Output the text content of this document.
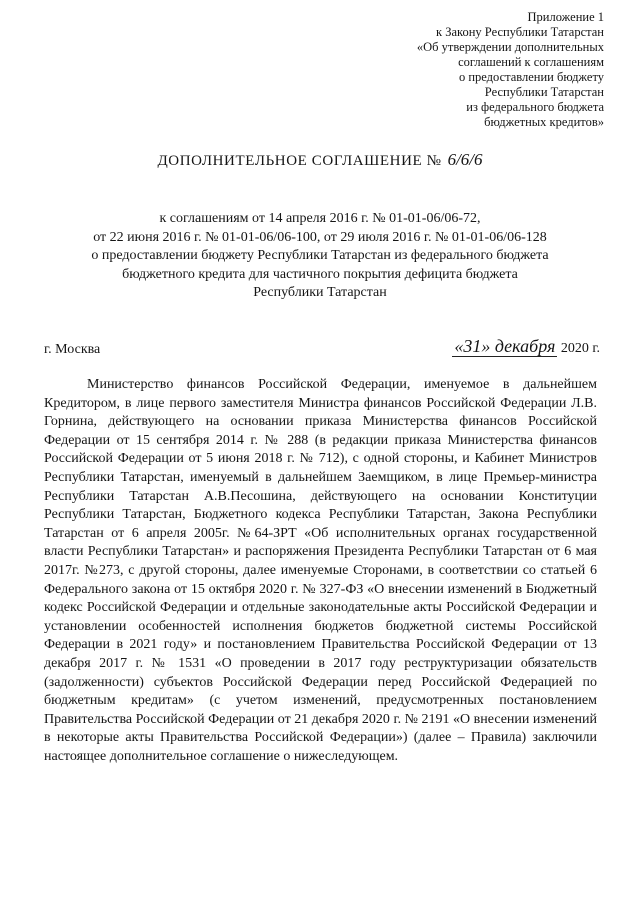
Приложение 1
к Закону Республики Татарстан
«Об утверждении дополнительных
соглашений к соглашениям
о предоставлении бюджету
Республики Татарстан
из федерального бюджета
бюджетных кредитов»
ДОПОЛНИТЕЛЬНОЕ СОГЛАШЕНИЕ № 6/6/6
к соглашениям от 14 апреля 2016 г. № 01-01-06/06-72,
от 22 июня 2016 г. № 01-01-06/06-100, от 29 июля 2016 г. № 01-01-06/06-128
о предоставлении бюджету Республики Татарстан из федерального бюджета
бюджетного кредита для частичного покрытия дефицита бюджета
Республики Татарстан
г. Москва	«31» декабря 2020 г.

Министерство финансов Российской Федерации, именуемое в дальнейшем Кредитором, в лице первого заместителя Министра финансов Российской Федерации Л.В. Горнина, действующего на основании приказа Министерства финансов Российской Федерации от 15 сентября 2014 г. № 288 (в редакции приказа Министерства финансов Российской Федерации от 5 июня 2018 г. № 712), с одной стороны, и Кабинет Министров Республики Татарстан, именуемый в дальнейшем Заемщиком, в лице Премьер-министра Республики Татарстан А.В.Песошина, действующего на основании Конституции Республики Татарстан, Бюджетного кодекса Республики Татарстан, Закона Республики Татарстан от 6 апреля 2005г. №64-ЗРТ «Об исполнительных органах государственной власти Республики Татарстан» и распоряжения Президента Республики Татарстан от 6 мая 2017г. №273, с другой стороны, далее именуемые Сторонами, в соответствии со статьей 6 Федерального закона от 15 октября 2020 г. № 327-ФЗ «О внесении изменений в Бюджетный кодекс Российской Федерации и отдельные законодательные акты Российской Федерации и установлении особенностей исполнения бюджетов бюджетной системы Российской Федерации в 2021 году» и постановлением Правительства Российской Федерации от 13 декабря 2017 г. № 1531 «О проведении в 2017 году реструктуризации обязательств (задолженности) субъектов Российской Федерации перед Российской Федерацией по бюджетным кредитам» (с учетом изменений, предусмотренных постановлением Правительства Российской Федерации от 21 декабря 2020 г. № 2191 «О внесении изменений в некоторые акты Правительства Российской Федерации») (далее – Правила) заключили настоящее дополнительное соглашение о нижеследующем.
